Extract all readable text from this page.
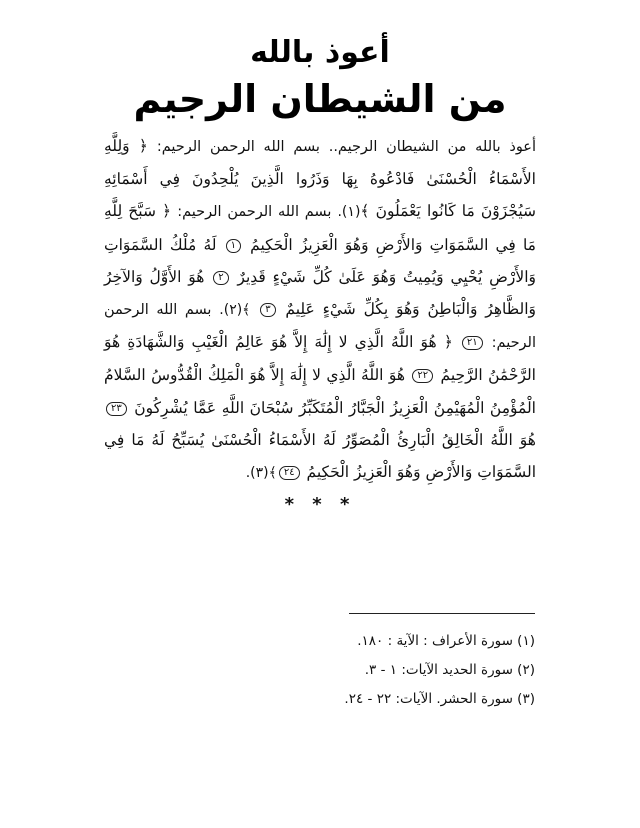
أعوذ بالله
من الشيطان الرجيم
أعوذ بالله من الشيطان الرجيم.. بسم الله الرحمن الرحيم: ﴿ وَلِلَّهِ الأَسْمَاءُ الْحُسْنَىٰ فَادْعُوهُ بِهَا وَذَرُوا الَّذِينَ يُلْحِدُونَ فِي أَسْمَائِهِ سَيُجْزَوْنَ مَا كَانُوا يَعْمَلُونَ ﴾(١). بسم الله الرحمن الرحيم: ﴿ سَبَّحَ لِلَّهِ مَا فِي السَّمَوَاتِ وَالأَرْضِ وَهُوَ الْعَزِيزُ الْحَكِيمُ ١ لَهُ مُلْكُ السَّمَوَاتِ وَالأَرْضِ يُحْيِي وَيُمِيتُ وَهُوَ عَلَىٰ كُلِّ شَيْءٍ قَدِيرٌ ٢ هُوَ الأَوَّلُ وَالآخِرُ وَالظَّاهِرُ وَالْبَاطِنُ وَهُوَ بِكُلِّ شَيْءٍ عَلِيمٌ ٣ ﴾(٢). بسم الله الرحمن الرحيم: ٢١ ﴿ هُوَ اللَّهُ الَّذِي لا إِلَٰهَ إِلاَّ هُوَ عَالِمُ الْغَيْبِ وَالشَّهَادَةِ هُوَ الرَّحْمَٰنُ الرَّحِيمُ ٢٢ هُوَ اللَّهُ الَّذِي لا إِلَٰهَ إِلاَّ هُوَ الْمَلِكُ الْقُدُّوسُ السَّلامُ الْمُؤْمِنُ الْمُهَيْمِنُ الْعَزِيزُ الْجَبَّارُ الْمُتَكَبِّرُ سُبْحَانَ اللَّهِ عَمَّا يُشْرِكُونَ ٢٣ هُوَ اللَّهُ الْخَالِقُ الْبَارِئُ الْمُصَوِّرُ لَهُ الأَسْمَاءُ الْحُسْنَىٰ يُسَبِّحُ لَهُ مَا فِي السَّمَوَاتِ وَالأَرْضِ وَهُوَ الْعَزِيزُ الْحَكِيمُ ٢٤﴾(٣).
* * *
(١) سورة الأعراف : الآية : ١٨٠.
(٢) سورة الحديد الآيات: ١ - ٣.
(٣) سورة الحشر. الآيات: ٢٢ - ٢٤.
